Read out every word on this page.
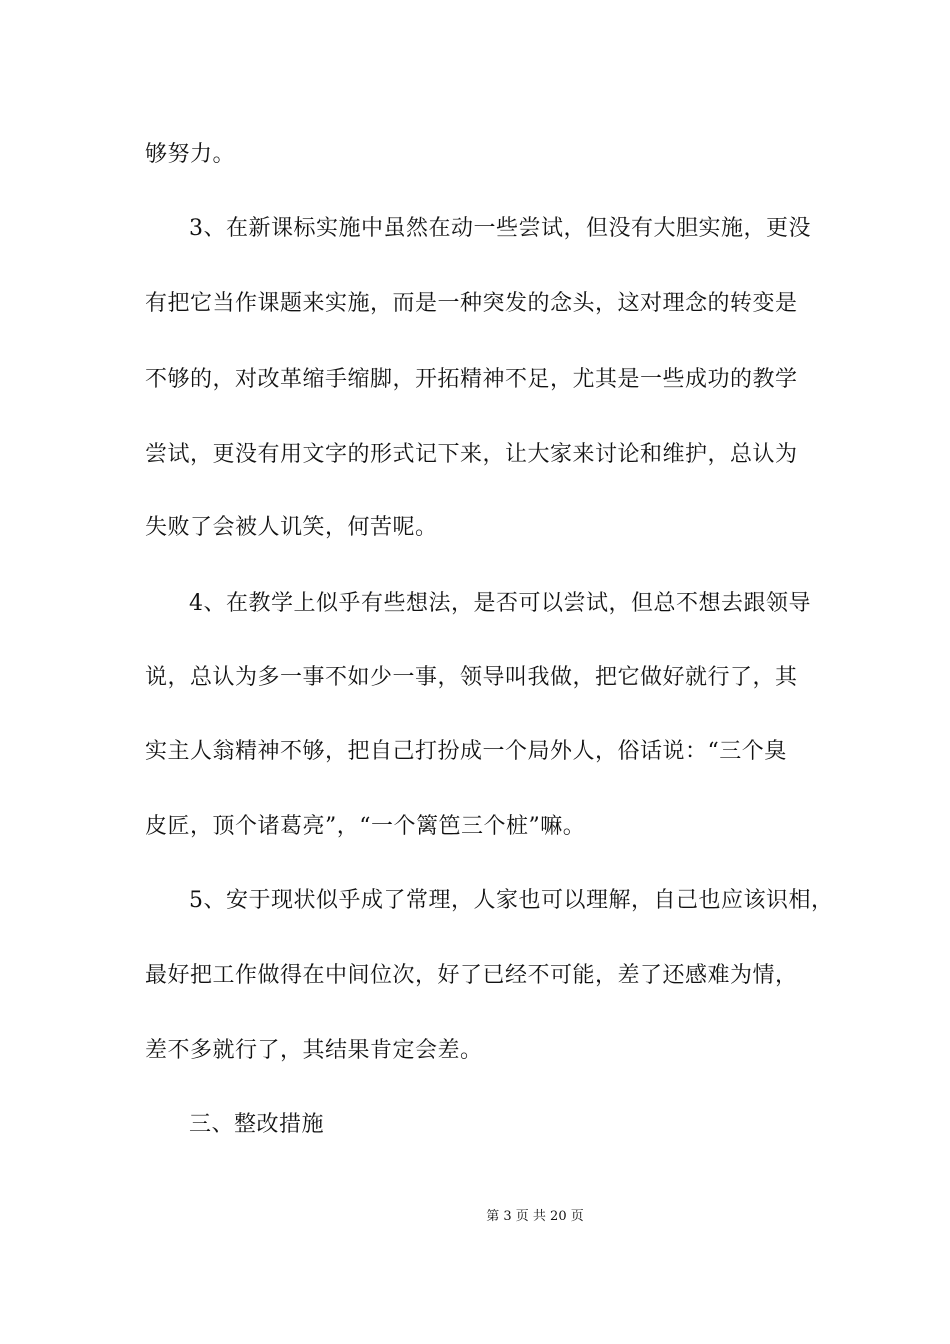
够努力。
3、在新课标实施中虽然在动一些尝试，但没有大胆实施，更没
有把它当作课题来实施，而是一种突发的念头，这对理念的转变是
不够的，对改革缩手缩脚，开拓精神不足，尤其是一些成功的教学
尝试，更没有用文字的形式记下来，让大家来讨论和维护，总认为
失败了会被人讥笑，何苦呢。
4、在教学上似乎有些想法，是否可以尝试，但总不想去跟领导
说，总认为多一事不如少一事，领导叫我做，把它做好就行了，其
实主人翁精神不够，把自己打扮成一个局外人，俗话说：“三个臭
皮匠，顶个诸葛亮”，“一个篱笆三个桩”嘛。
5、安于现状似乎成了常理，人家也可以理解，自己也应该识相，
最好把工作做得在中间位次，好了已经不可能，差了还感难为情，
差不多就行了，其结果肯定会差。
三、整改措施
第 3 页 共 20 页
